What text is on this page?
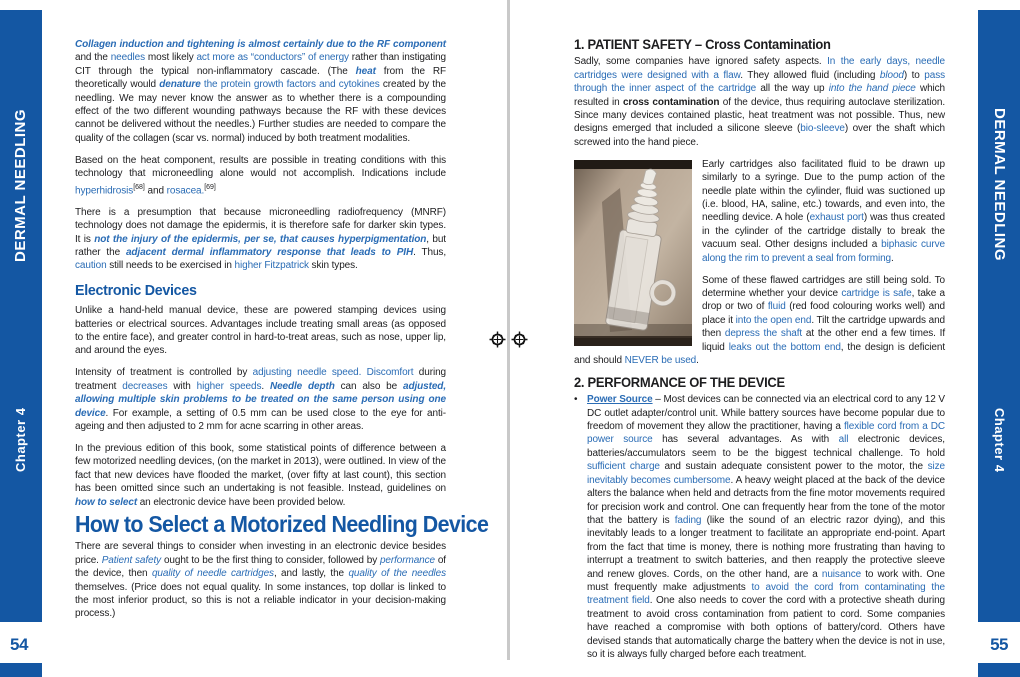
DERMAL NEEDLING
Chapter 4
54
DERMAL NEEDLING
Chapter 4
55

Collagen induction and tightening is almost certainly due to the RF component and the needles most likely act more as “conductors” of energy rather than instigating CIT through the typical non-inflammatory cascade. (The heat from the RF theoretically would denature the protein growth factors and cytokines created by the needling. We may never know the answer as to whether there is a compounding effect of the two different wounding pathways because the RF with these devices cannot be delivered without the needles.) Further studies are needed to compare the quality of the collagen (scar vs. normal) induced by both treatment modalities.

Based on the heat component, results are possible in treating conditions with this technology that microneedling alone would not accomplish. Indications include hyperhidrosis[68] and rosacea.[69]

There is a presumption that because microneedling radiofrequency (MNRF) technology does not damage the epidermis, it is therefore safe for darker skin types. It is not the injury of the epidermis, per se, that causes hyperpigmentation, but rather the adjacent dermal inflammatory response that leads to PIH. Thus, caution still needs to be exercised in higher Fitzpatrick skin types.

Electronic Devices

Unlike a hand-held manual device, these are powered stamping devices using batteries or electrical sources. Advantages include treating small areas (as opposed to the entire face), and greater control in hard-to-treat areas, such as nose, upper lip, and around the eyes.

Intensity of treatment is controlled by adjusting needle speed. Discomfort during treatment decreases with higher speeds. Needle depth can also be adjusted, allowing multiple skin problems to be treated on the same person using one device. For example, a setting of 0.5 mm can be used close to the eye for anti-ageing and then adjusted to 2 mm for acne scarring in other areas.

In the previous edition of this book, some statistical points of difference between a few motorized needling devices, (on the market in 2013), were outlined. In view of the fact that new devices have flooded the market, (over fifty at last count), this section has been omitted since such an undertaking is not feasible. Instead, guidelines on how to select an electronic device have been provided below.

How to Select a Motorized Needling Device

There are several things to consider when investing in an electronic device besides price. Patient safety ought to be the first thing to consider, followed by performance of the device, then quality of needle cartridges, and lastly, the quality of the needles themselves. (Price does not equal quality. In some instances, top dollar is linked to the most inferior product, so this is not a reliable indicator in your decision-making process.)

1. PATIENT SAFETY – Cross Contamination

Sadly, some companies have ignored safety aspects. In the early days, needle cartridges were designed with a flaw. They allowed fluid (including blood) to pass through the inner aspect of the cartridge all the way up into the hand piece which resulted in cross contamination of the device, thus requiring autoclave sterilization. Since many devices contained plastic, heat treatment was not possible. Thus, new designs emerged that included a silicone sleeve (bio-sleeve) over the shaft which screwed into the hand piece.

Early cartridges also facilitated fluid to be drawn up similarly to a syringe. Due to the pump action of the needle plate within the cylinder, fluid was suctioned up (i.e. blood, HA, saline, etc.) towards, and even into, the needling device. A hole (exhaust port) was thus created in the cylinder of the cartridge distally to break the vacuum seal. Other designs included a biphasic curve along the rim to prevent a seal from forming.

Some of these flawed cartridges are still being sold. To determine whether your device cartridge is safe, take a drop or two of fluid (red food colouring works well) and place it into the open end. Tilt the cartridge upwards and then depress the shaft at the other end a few times. If liquid leaks out the bottom end, the design is deficient and should NEVER be used.

2. PERFORMANCE OF THE DEVICE
• Power Source – Most devices can be connected via an electrical cord to any 12 V DC outlet adapter/control unit. While battery sources have become popular due to freedom of movement they allow the practitioner, having a flexible cord from a DC power source has several advantages. As with all electronic devices, batteries/accumulators seem to be the biggest technical challenge. To hold sufficient charge and sustain adequate consistent power to the motor, the size inevitably becomes cumbersome. A heavy weight placed at the back of the device alters the balance when held and detracts from the fine motor movements required for precision work and control. One can frequently hear from the tone of the motor that the battery is fading (like the sound of an electric razor dying), and this inevitably leads to a longer treatment to facilitate an appropriate end-point. Apart from the fact that time is money, there is nothing more frustrating than having to interrupt a treatment to switch batteries, and then reapply the protective sleeve and renew gloves. Cords, on the other hand, are a nuisance to work with. One must frequently make adjustments to avoid the cord from contaminating the treatment field. One also needs to cover the cord with a protective sheath during treatment to avoid cross contamination from patient to cord. Some companies have reached a compromise with both options of battery/cord. Others have devised stands that automatically charge the battery when the device is not in use, so it is always fully charged before each treatment.
